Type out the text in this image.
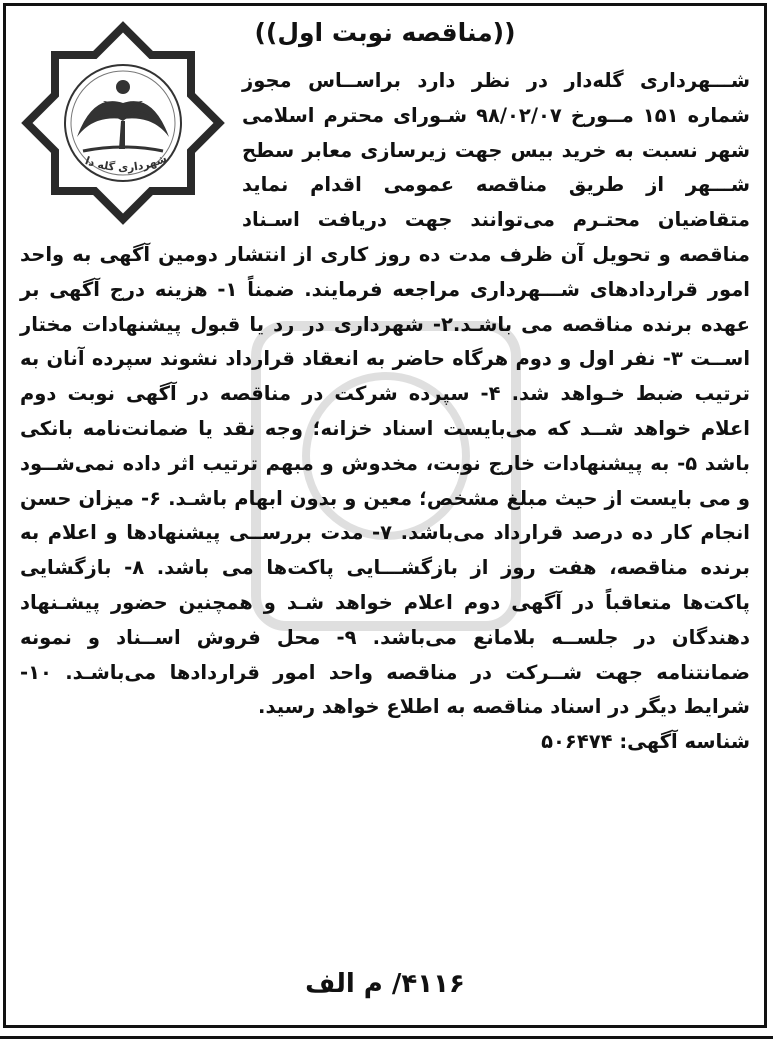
((مناقصه نوبت اول))
شـــهرداری گله‌دار در نظر دارد براســاس مجوز شماره ۱۵۱ مــورخ ۹۸/۰۲/۰۷ شـورای محترم اسلامی شهر نسبت به خرید بیس جهت زیرسازی معابر سطح شـــهر از طریق مناقصه عمومی اقدام نماید متقاضیان محتـرم می‌توانند جهت دریافت اسـناد مناقصه و تحویل آن ظرف مدت ده روز کاری از انتشار دومین آگهی به واحد امور قراردادهای شـــهرداری مراجعه فرمایند. ضمناً ۱- هزینه درج آگهی بر عهده برنده مناقصه می باشـد.۲- شهرداری در رد یا قبول پیشنهادات مختار اســت ۳- نفر اول و دوم هرگاه حاضر به انعقاد قرارداد نشوند سپرده آنان به ترتیب ضبط خـواهد شد. ۴- سپرده شرکت در مناقصه در آگهی نوبت دوم اعلام خواهد شــد که می‌بایست اسناد خزانه؛ وجه نقد یا ضمانت‌نامه بانکی باشد ۵- به پیشنهادات خارج نوبت، مخدوش و مبهم ترتیب اثر داده نمی‌شــود و می بایست از حیث مبلغ مشخص؛ معین و بدون ابهام باشـد. ۶- میزان حسن انجام کار ده درصد قرارداد می‌باشد. ۷- مدت بررســی پیشنهادها و اعلام به برنده مناقصه، هفت روز از بازگشـــایی پاکت‌ها می باشد. ۸- بازگشایی پاکت‌ها متعاقباً در آگهی دوم اعلام خواهد شـد و همچنین حضور پیشـنهاد دهندگان در جلســه بلامانع می‌باشد. ۹- محل فروش اســناد و نمونه ضمانتنامه جهت شــرکت در مناقصه واحد امور قراردادها می‌باشـد. ۱۰- شرایط دیگر در اسناد مناقصه به اطلاع خواهد رسید.
شناسه آگهی: ۵۰۶۴۷۴
شهرداری گله دا
۴۱۱۶/ م الف
